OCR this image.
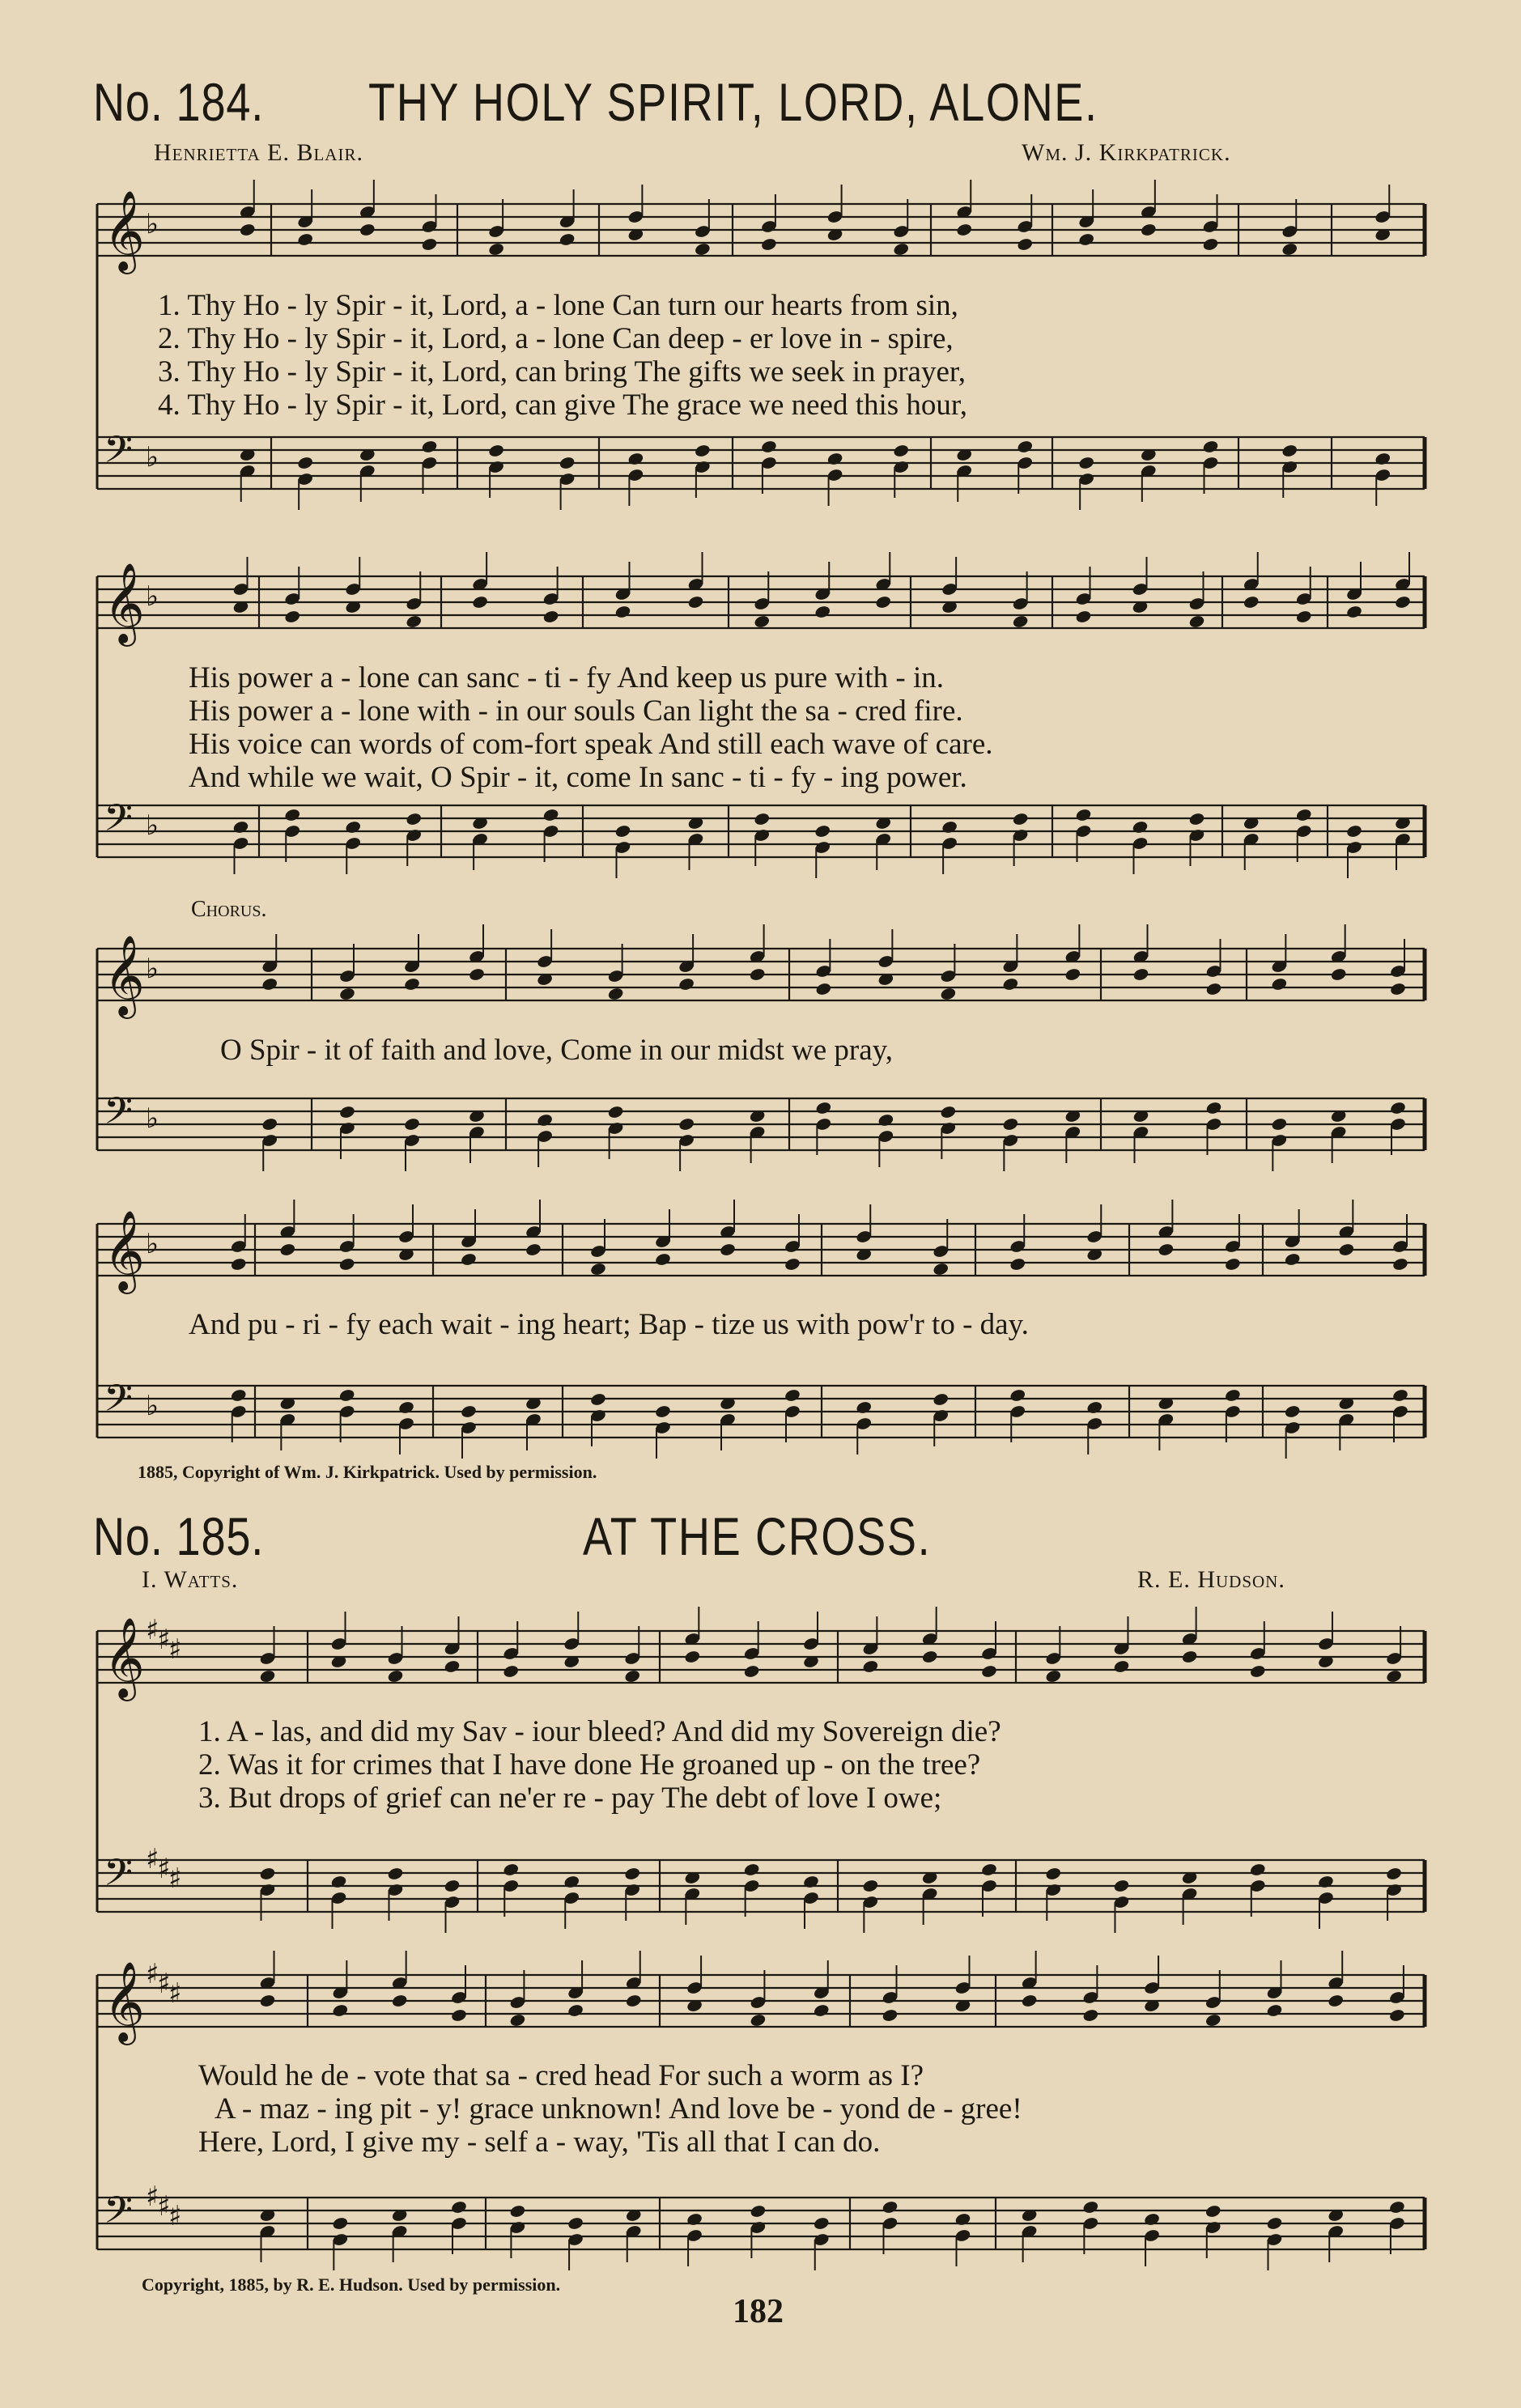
No. 184. THY HOLY SPIRIT, LORD, ALONE.
Henrietta E. Blair.	Wm. J. Kirkpatrick.
𝄞 ♭
𝄢 ♭
𝄞 ♭
𝄢 ♭
𝄞 ♭
𝄢 ♭
𝄞 ♭
𝄢 ♭
𝄞 ♯
♯
♯
𝄢 ♯
♯
♯
𝄞 ♯
♯
♯
𝄢 ♯
♯
♯
1. Thy Ho - ly Spir - it, Lord, a - lone Can turn our hearts from sin,
2. Thy Ho - ly Spir - it, Lord, a - lone Can deep - er love in - spire,
3. Thy Ho - ly Spir - it, Lord, can bring The gifts we seek in prayer,
4. Thy Ho - ly Spir - it, Lord, can give The grace we need this hour,
His power a - lone can sanc - ti - fy And keep us pure with - in.
His power a - lone with - in our souls Can light the sa - cred fire.
His voice can words of com-fort speak And still each wave of care.
And while we wait, O Spir - it, come In sanc - ti - fy - ing power.
Chorus.
O Spir - it of faith and love, Come in our midst we pray,
And pu - ri - fy each wait - ing heart; Bap - tize us with pow'r to - day.
1885, Copyright of Wm. J. Kirkpatrick. Used by permission.
No. 185.	AT THE CROSS.
I. Watts.	R. E. Hudson.
1. A - las, and did my Sav - iour bleed? And did my Sovereign die?
2. Was it for crimes that I have done He groaned up - on the tree?
3. But drops of grief can ne'er re - pay The debt of love I owe;
Would he de - vote that sa - cred head For such a worm as I?
A - maz - ing pit - y! grace unknown! And love be - yond de - gree!
Here, Lord, I give my - self a - way, 'Tis all that I can do.
Copyright, 1885, by R. E. Hudson. Used by permission.
182
